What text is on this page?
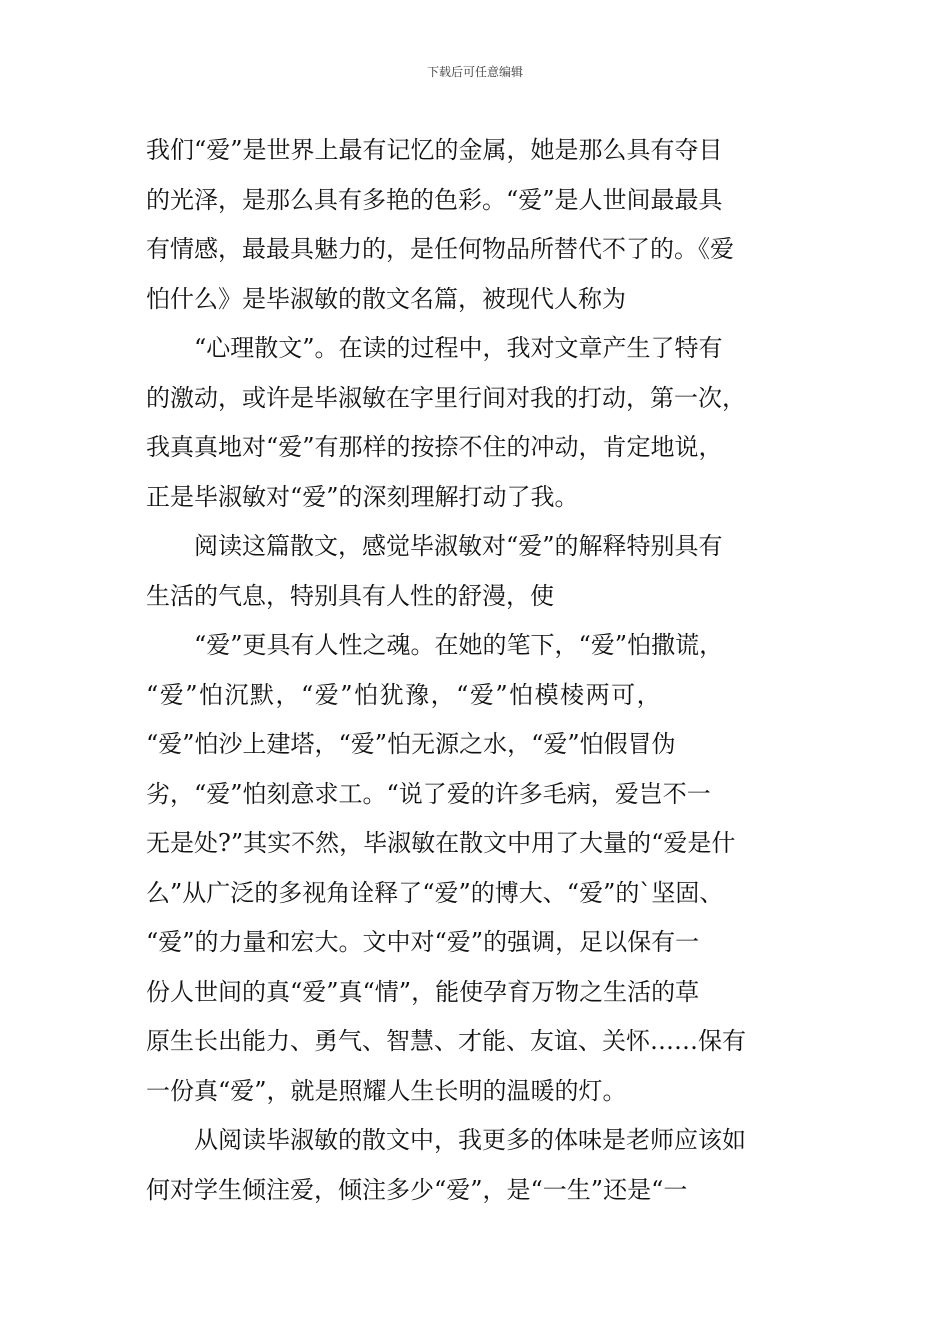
下载后可任意编辑
我们“爱”是世界上最有记忆的金属，她是那么具有夺目
的光泽，是那么具有多艳的色彩。“爱”是人世间最最具
有情感，最最具魅力的，是任何物品所替代不了的。《爱
怕什么》是毕淑敏的散文名篇，被现代人称为
“心理散文”。在读的过程中，我对文章产生了特有
的激动，或许是毕淑敏在字里行间对我的打动，第一次，
我真真地对“爱”有那样的按捺不住的冲动，肯定地说，
正是毕淑敏对“爱”的深刻理解打动了我。
阅读这篇散文，感觉毕淑敏对“爱”的解释特别具有
生活的气息，特别具有人性的舒漫，使
“爱”更具有人性之魂。在她的笔下，“爱”怕撒谎，
“爱”怕沉默，“爱”怕犹豫，“爱”怕模棱两可，
“爱”怕沙上建塔，“爱”怕无源之水，“爱”怕假冒伪
劣，“爱”怕刻意求工。“说了爱的许多毛病，爱岂不一
无是处?”其实不然，毕淑敏在散文中用了大量的“爱是什
么”从广泛的多视角诠释了“爱”的博大、“爱”的`坚固、
“爱”的力量和宏大。文中对“爱”的强调，足以保有一
份人世间的真“爱”真“情”，能使孕育万物之生活的草
原生长出能力、勇气、智慧、才能、友谊、关怀……保有
一份真“爱”，就是照耀人生长明的温暖的灯。
从阅读毕淑敏的散文中，我更多的体味是老师应该如
何对学生倾注爱，倾注多少“爱”，是“一生”还是“一
